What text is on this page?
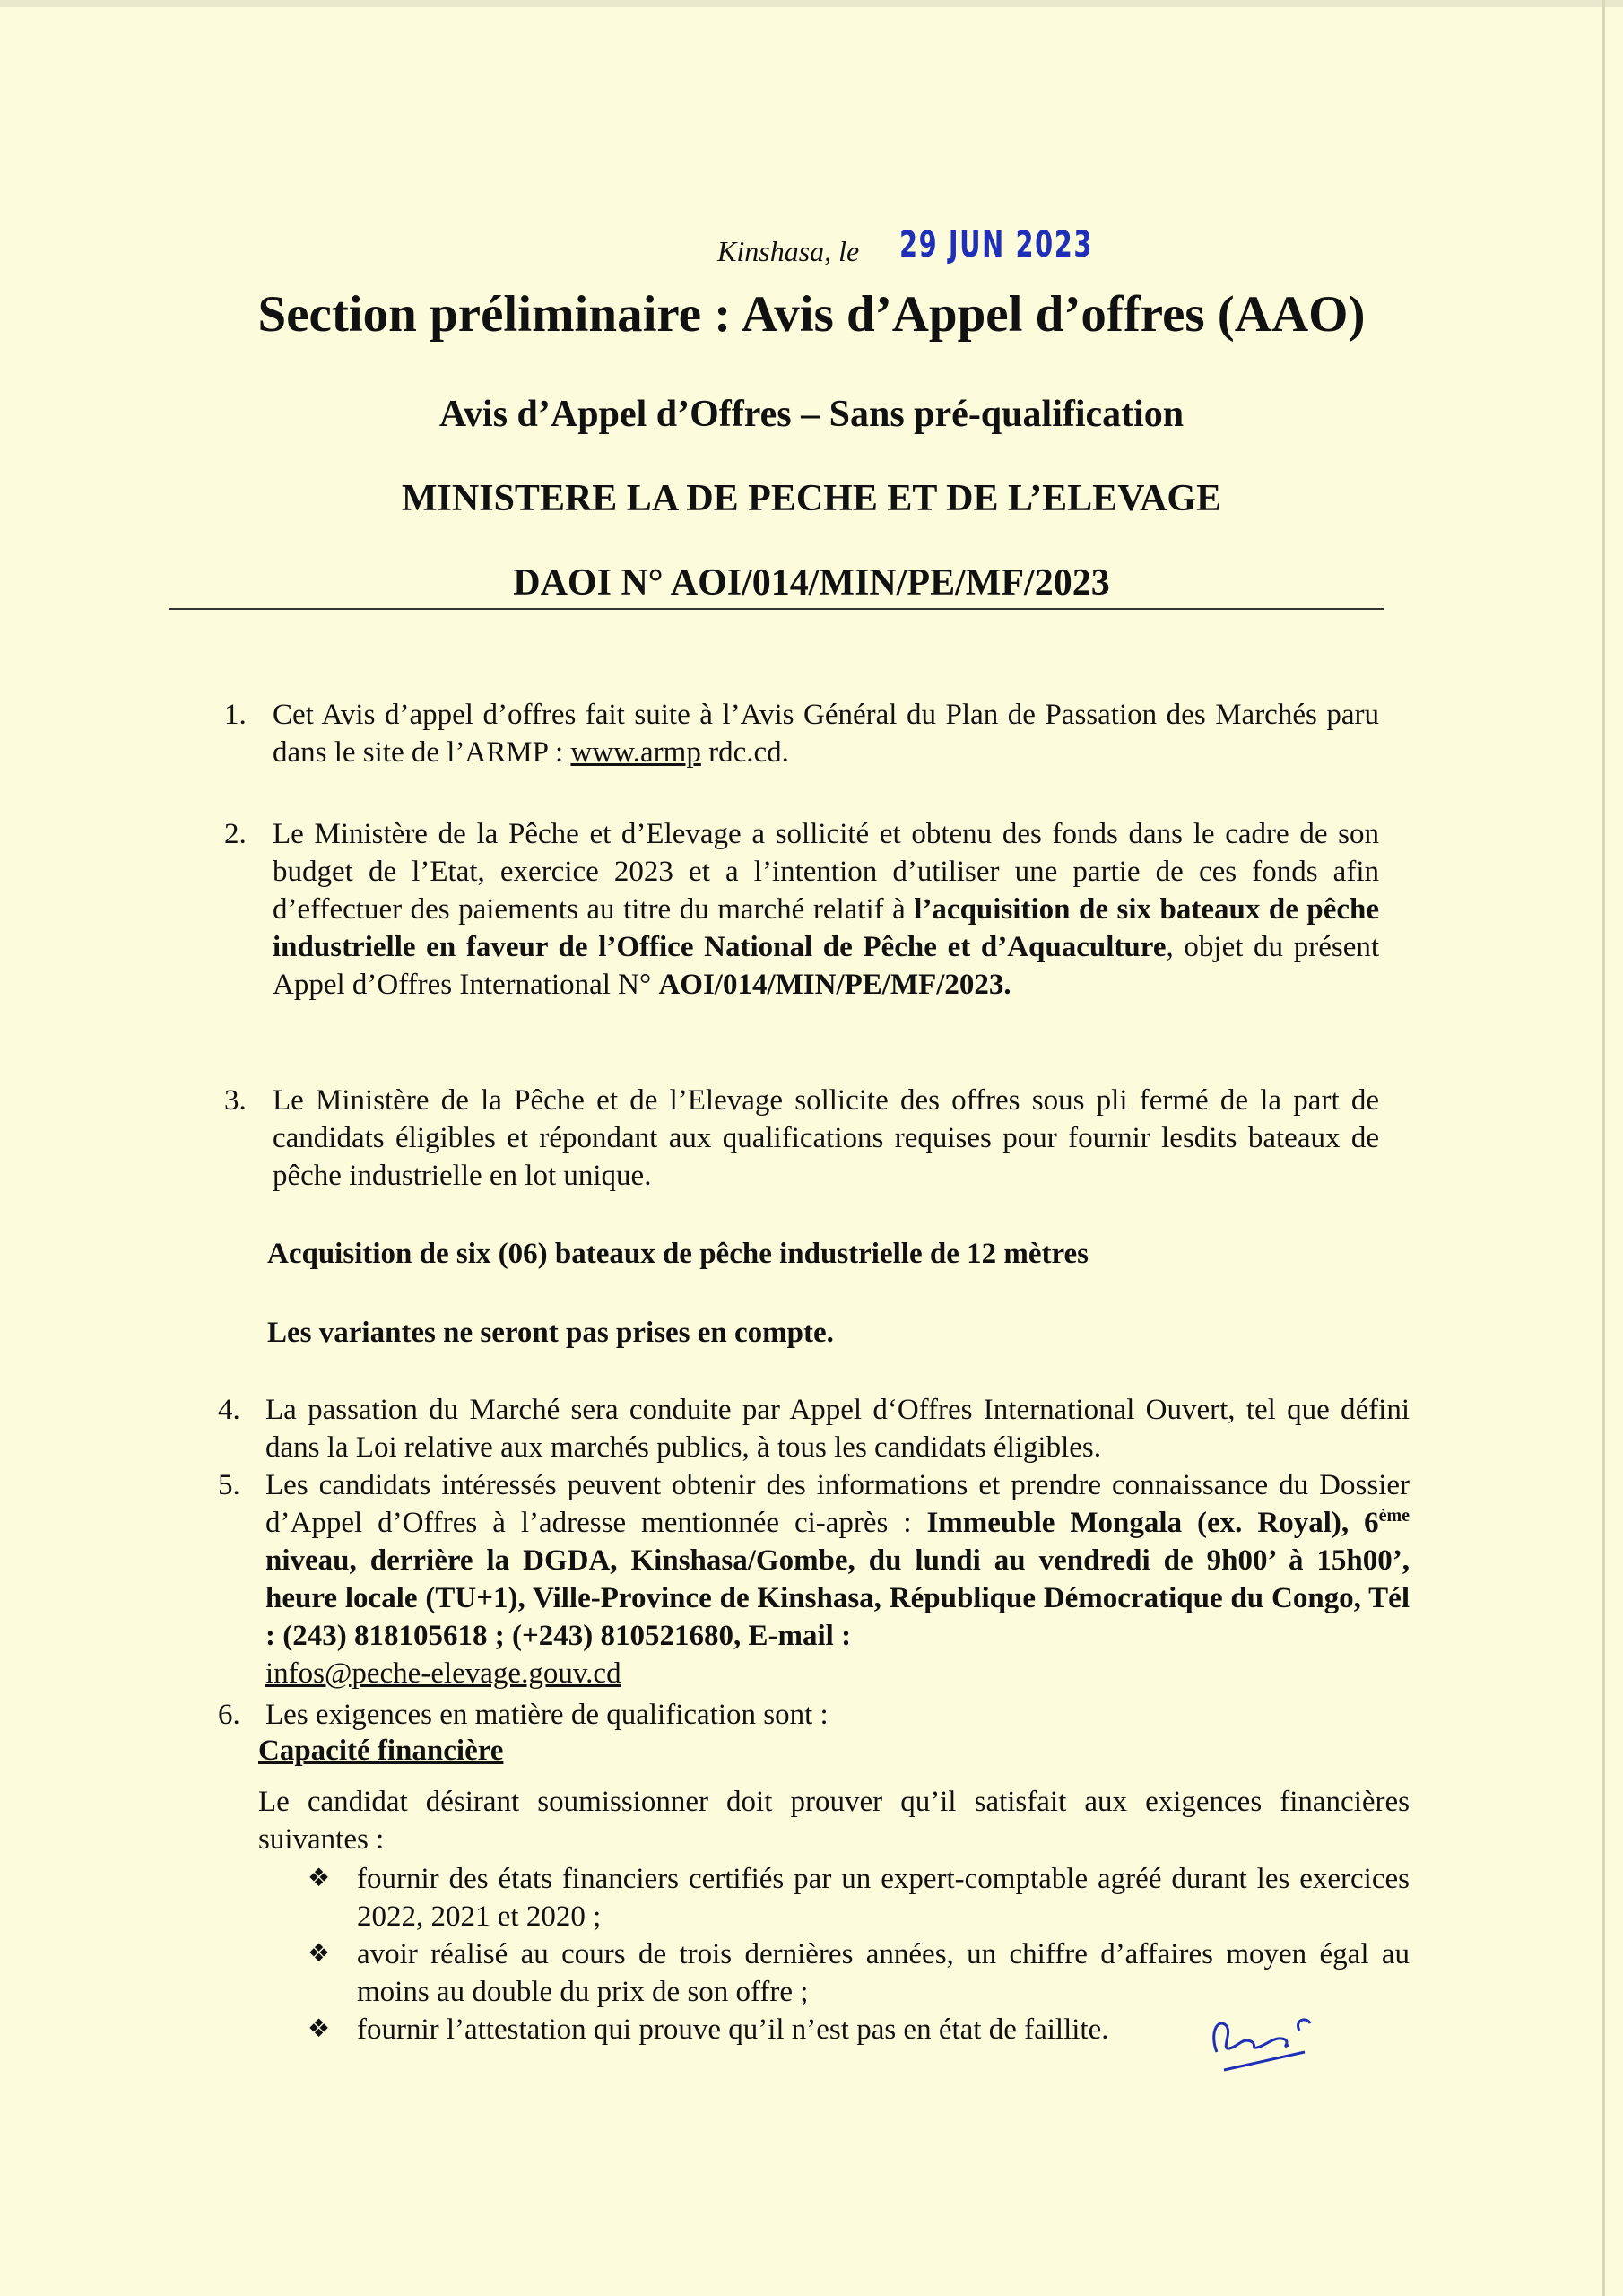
Kinshasa, le 29 JUN 2023
Section préliminaire : Avis d’Appel d’offres (AAO)
Avis d’Appel d’Offres – Sans pré-qualification
MINISTERE LA DE PECHE ET DE L’ELEVAGE
DAOI N° AOI/014/MIN/PE/MF/2023
1. Cet Avis d’appel d’offres fait suite à l’Avis Général du Plan de Passation des Marchés paru dans le site de l’ARMP : www.armp rdc.cd.
2. Le Ministère de la Pêche et d’Elevage a sollicité et obtenu des fonds dans le cadre de son budget de l’Etat, exercice 2023 et a l’intention d’utiliser une partie de ces fonds afin d’effectuer des paiements au titre du marché relatif à l’acquisition de six bateaux de pêche industrielle en faveur de l’Office National de Pêche et d’Aquaculture, objet du présent Appel d’Offres International N° AOI/014/MIN/PE/MF/2023.
3. Le Ministère de la Pêche et de l’Elevage sollicite des offres sous pli fermé de la part de candidats éligibles et répondant aux qualifications requises pour fournir lesdits bateaux de pêche industrielle en lot unique.
Acquisition de six (06) bateaux de pêche industrielle de 12 mètres
Les variantes ne seront pas prises en compte.
4. La passation du Marché sera conduite par Appel d‘Offres International Ouvert, tel que défini dans la Loi relative aux marchés publics, à tous les candidats éligibles.
5. Les candidats intéressés peuvent obtenir des informations et prendre connaissance du Dossier d’Appel d’Offres à l’adresse mentionnée ci-après : Immeuble Mongala (ex. Royal), 6ème niveau, derrière la DGDA, Kinshasa/Gombe, du lundi au vendredi de 9h00’ à 15h00’, heure locale (TU+1), Ville-Province de Kinshasa, République Démocratique du Congo, Tél : (243) 818105618 ; (+243) 810521680, E-mail :
infos@peche-elevage.gouv.cd
6. Les exigences en matière de qualification sont :
Capacité financière
Le candidat désirant soumissionner doit prouver qu’il satisfait aux exigences financières suivantes :
❖ fournir des états financiers certifiés par un expert-comptable agréé durant les exercices 2022, 2021 et 2020 ;
❖ avoir réalisé au cours de trois dernières années, un chiffre d’affaires moyen égal au moins au double du prix de son offre ;
❖ fournir l’attestation qui prouve qu’il n’est pas en état de faillite.
